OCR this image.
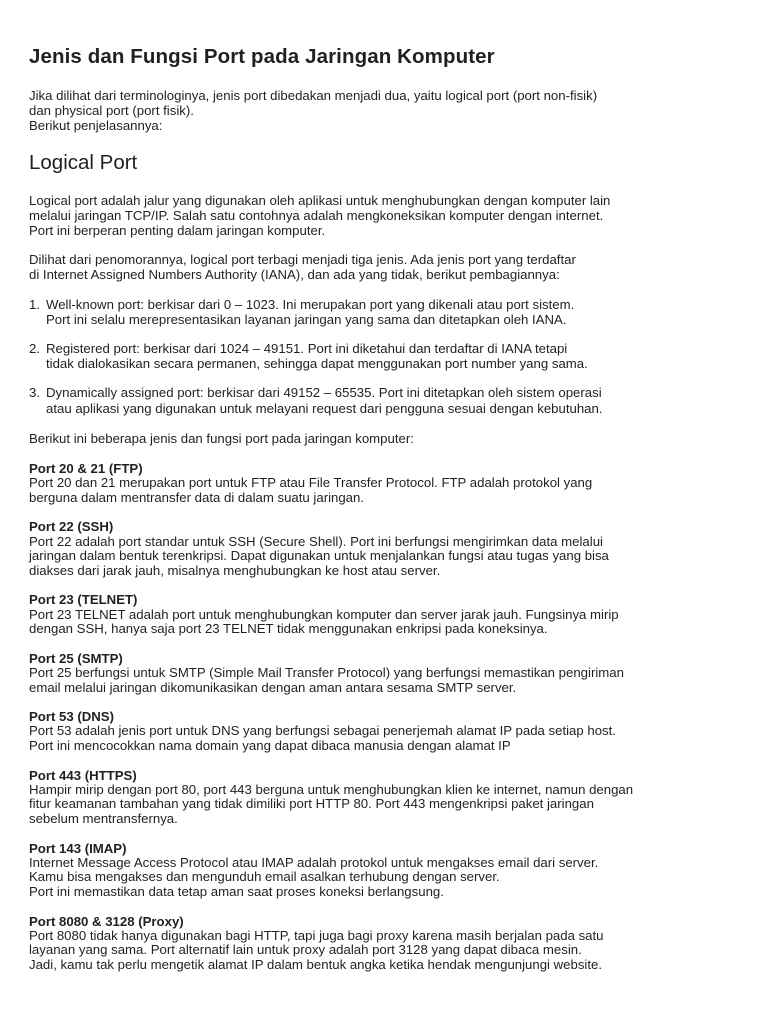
Jenis dan Fungsi Port pada Jaringan Komputer

Jika dilihat dari terminologinya, jenis port dibedakan menjadi dua, yaitu logical port (port non-fisik)
dan physical port (port fisik).
Berikut penjelasannya:

Logical Port

Logical port adalah jalur yang digunakan oleh aplikasi untuk menghubungkan dengan komputer lain
melalui jaringan TCP/IP. Salah satu contohnya adalah mengkoneksikan komputer dengan internet.
Port ini berperan penting dalam jaringan komputer.

Dilihat dari penomorannya, logical port terbagi menjadi tiga jenis. Ada jenis port yang terdaftar
di Internet Assigned Numbers Authority (IANA), dan ada yang tidak, berikut pembagiannya:

1. Well-known port: berkisar dari 0 – 1023. Ini merupakan port yang dikenali atau port sistem.
Port ini selalu merepresentasikan layanan jaringan yang sama dan ditetapkan oleh IANA.
2. Registered port: berkisar dari 1024 – 49151. Port ini diketahui dan terdaftar di IANA tetapi
tidak dialokasikan secara permanen, sehingga dapat menggunakan port number yang sama.
3. Dynamically assigned port: berkisar dari 49152 – 65535. Port ini ditetapkan oleh sistem operasi
atau aplikasi yang digunakan untuk melayani request dari pengguna sesuai dengan kebutuhan.

Berikut ini beberapa jenis dan fungsi port pada jaringan komputer:

Port 20 & 21 (FTP)

Port 20 dan 21 merupakan port untuk FTP atau File Transfer Protocol. FTP adalah protokol yang
berguna dalam mentransfer data di dalam suatu jaringan.

Port 22 (SSH)

Port 22 adalah port standar untuk SSH (Secure Shell). Port ini berfungsi mengirimkan data melalui
jaringan dalam bentuk terenkripsi. Dapat digunakan untuk menjalankan fungsi atau tugas yang bisa
diakses dari jarak jauh, misalnya menghubungkan ke host atau server.

Port 23 (TELNET)

Port 23 TELNET adalah port untuk menghubungkan komputer dan server jarak jauh. Fungsinya mirip
dengan SSH, hanya saja port 23 TELNET tidak menggunakan enkripsi pada koneksinya.

Port 25 (SMTP)

Port 25 berfungsi untuk SMTP (Simple Mail Transfer Protocol) yang berfungsi memastikan pengiriman
email melalui jaringan dikomunikasikan dengan aman antara sesama SMTP server.

Port 53 (DNS)

Port 53 adalah jenis port untuk DNS yang berfungsi sebagai penerjemah alamat IP pada setiap host.
Port ini mencocokkan nama domain yang dapat dibaca manusia dengan alamat IP

Port 443 (HTTPS)

Hampir mirip dengan port 80, port 443 berguna untuk menghubungkan klien ke internet, namun dengan
fitur keamanan tambahan yang tidak dimiliki port HTTP 80. Port 443 mengenkripsi paket jaringan
sebelum mentransfernya.

Port 143 (IMAP)

Internet Message Access Protocol atau IMAP adalah protokol untuk mengakses email dari server.
Kamu bisa mengakses dan mengunduh email asalkan terhubung dengan server.
Port ini memastikan data tetap aman saat proses koneksi berlangsung.

Port 8080 & 3128 (Proxy)

Port 8080 tidak hanya digunakan bagi HTTP, tapi juga bagi proxy karena masih berjalan pada satu
layanan yang sama. Port alternatif lain untuk proxy adalah port 3128 yang dapat dibaca mesin.
Jadi, kamu tak perlu mengetik alamat IP dalam bentuk angka ketika hendak mengunjungi website.
